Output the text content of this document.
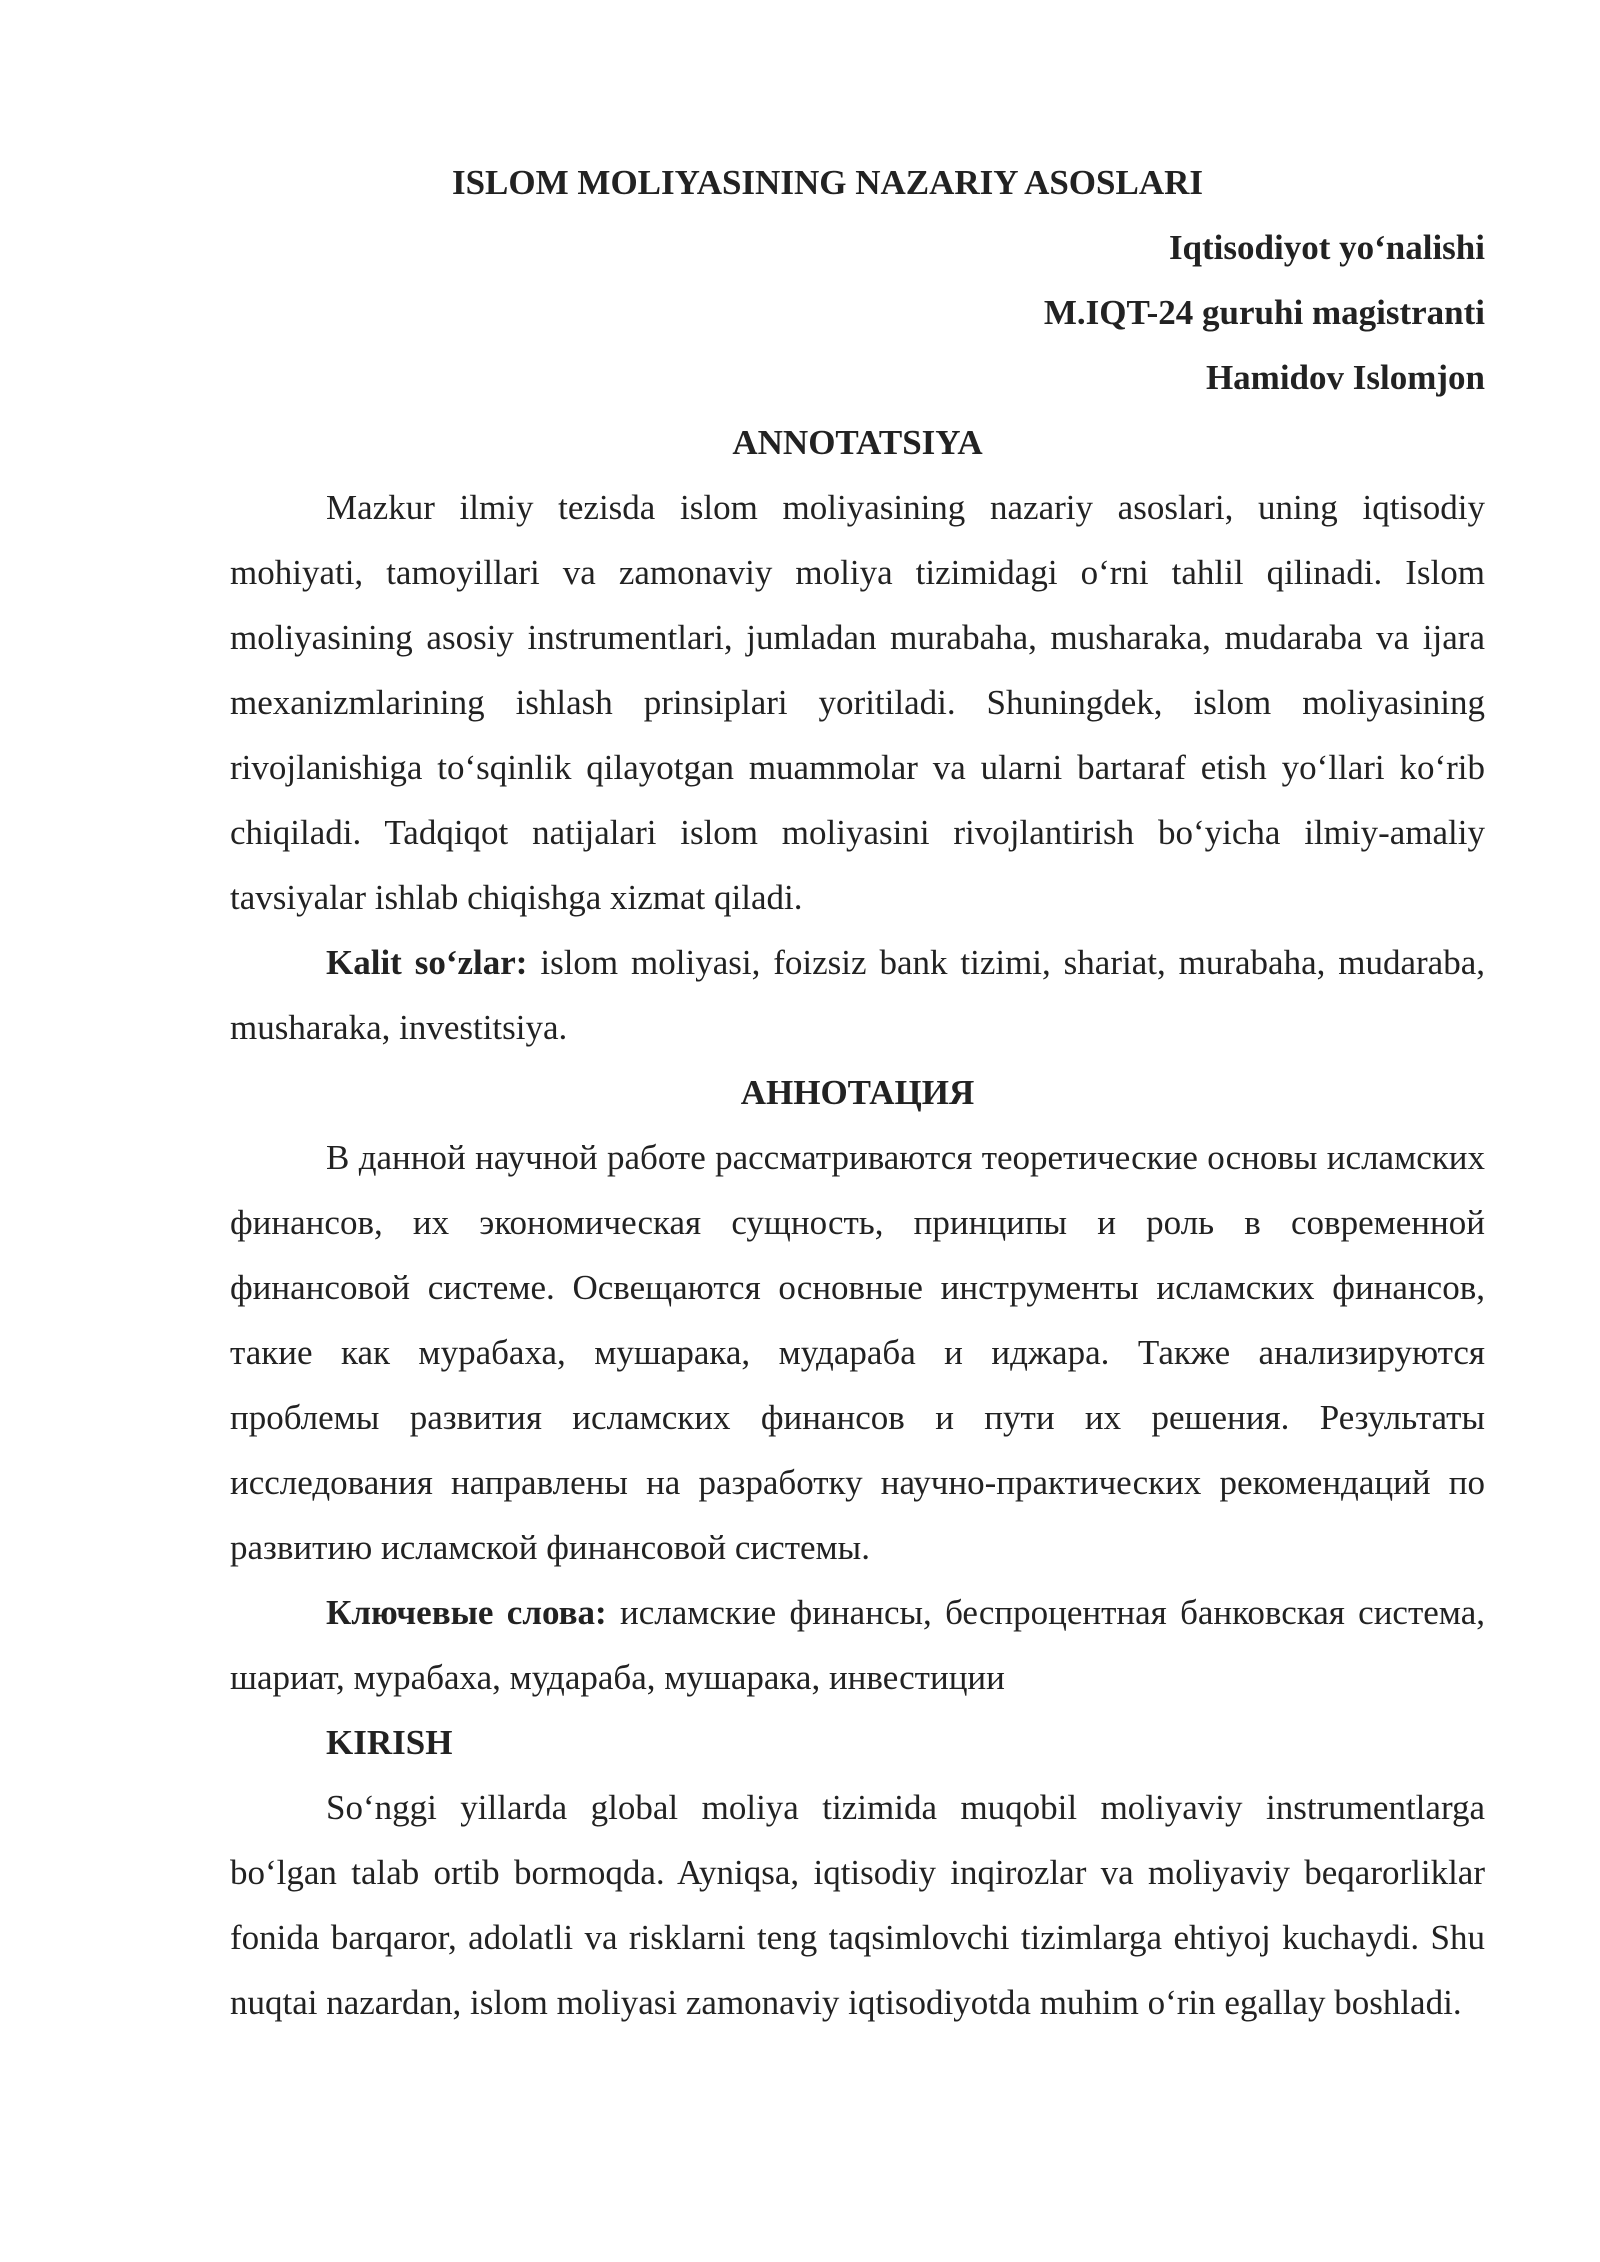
ISLOM MOLIYASINING NAZARIY ASOSLARI

Iqtisodiyot yo‘nalishi

M.IQT-24 guruhi magistranti

Hamidov Islomjon

ANNOTATSIYA

Mazkur ilmiy tezisda islom moliyasining nazariy asoslari, uning iqtisodiy mohiyati, tamoyillari va zamonaviy moliya tizimidagi o‘rni tahlil qilinadi. Islom moliyasining asosiy instrumentlari, jumladan murabaha, musharaka, mudaraba va ijara mexanizmlarining ishlash prinsiplari yoritiladi. Shuningdek, islom moliyasining rivojlanishiga to‘sqinlik qilayotgan muammolar va ularni bartaraf etish yo‘llari ko‘rib chiqiladi. Tadqiqot natijalari islom moliyasini rivojlantirish bo‘yicha ilmiy-amaliy tavsiyalar ishlab chiqishga xizmat qiladi.

Kalit so‘zlar: islom moliyasi, foizsiz bank tizimi, shariat, murabaha, mudaraba, musharaka, investitsiya.

АННОТАЦИЯ

В данной научной работе рассматриваются теоретические основы исламских финансов, их экономическая сущность, принципы и роль в современной финансовой системе. Освещаются основные инструменты исламских финансов, такие как мурабаха, мушарака, мудараба и иджара. Также анализируются проблемы развития исламских финансов и пути их решения. Результаты исследования направлены на разработку научно-практических рекомендаций по развитию исламской финансовой системы.

Ключевые слова: исламские финансы, беспроцентная банковская система, шариат, мурабаха, мудараба, мушарака, инвестиции

KIRISH

So‘nggi yillarda global moliya tizimida muqobil moliyaviy instrumentlarga bo‘lgan talab ortib bormoqda. Ayniqsa, iqtisodiy inqirozlar va moliyaviy beqarorliklar fonida barqaror, adolatli va risklarni teng taqsimlovchi tizimlarga ehtiyoj kuchaydi. Shu nuqtai nazardan, islom moliyasi zamonaviy iqtisodiyotda muhim o‘rin egallay boshladi.
